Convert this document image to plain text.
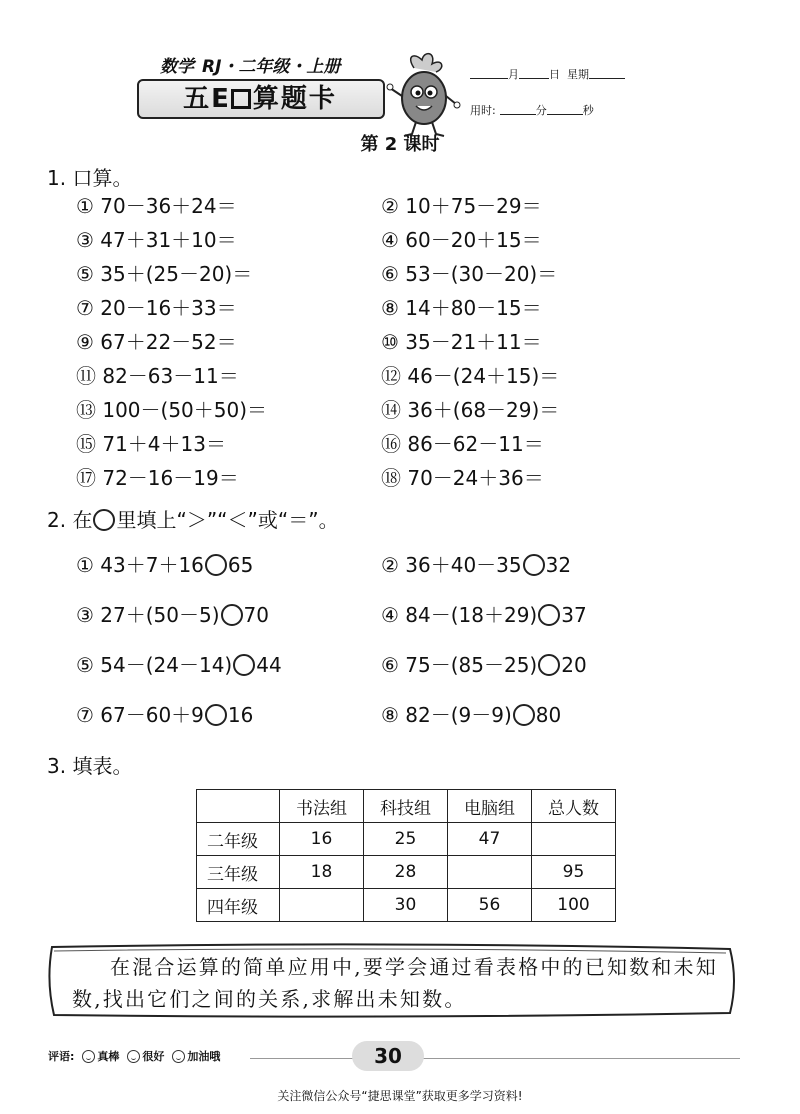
数学 RJ・二年级・上册
五E 算题卡
月	日 星期
用时:	分	秒
第 2 课时
1. 口算。
① 70－36＋24＝	② 10＋75－29＝
③ 47＋31＋10＝	④ 60－20＋15＝
⑤ 35＋(25－20)＝	⑥ 53－(30－20)＝
⑦ 20－16＋33＝	⑧ 14＋80－15＝
⑨ 67＋22－52＝	⑩ 35－21＋11＝
⑪ 82－63－11＝	⑫ 46－(24＋15)＝
⑬ 100－(50＋50)＝	⑭ 36＋(68－29)＝
⑮ 71＋4＋13＝	⑯ 86－62－11＝
⑰ 72－16－19＝	⑱ 70－24＋36＝
2. 在 里填上“＞”“＜”或“＝”。
① 43＋7＋16 65	② 36＋40－35 32
③ 27＋(50－5) 70	④ 84－(18＋29) 37
⑤ 54－(24－14) 44	⑥ 75－(85－25) 20
⑦ 67－60＋9 16	⑧ 82－(9－9) 80
3. 填表。
	书法组	科技组	电脑组	总人数
二年级	16	25	47	
三年级	18	28		95
四年级		30	56	100
在混合运算的简单应用中,要学会通过看表格中的已知数和未知数,找出它们之间的关系,求解出未知数。
评语: 真棒 很好 加油哦	30
关注微信公众号“捷思课堂”获取更多学习资料!
